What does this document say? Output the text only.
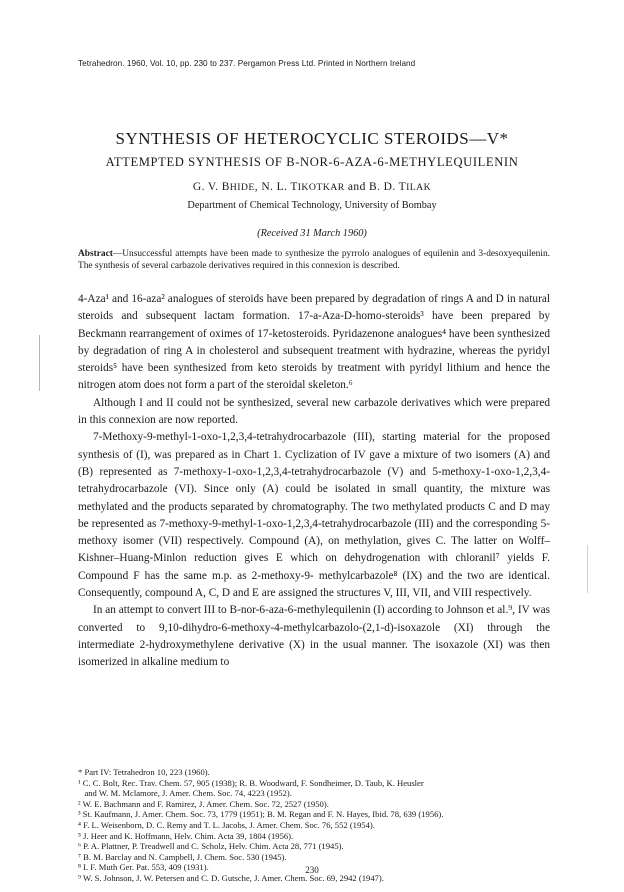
Tetrahedron. 1960, Vol. 10, pp. 230 to 237. Pergamon Press Ltd. Printed in Northern Ireland
SYNTHESIS OF HETEROCYCLIC STEROIDS—V*
ATTEMPTED SYNTHESIS OF B-NOR-6-AZA-6-METHYLEQUILENIN
G. V. BHIDE, N. L. TIKOTKAR and B. D. TILAK
Department of Chemical Technology, University of Bombay
(Received 31 March 1960)
Abstract—Unsuccessful attempts have been made to synthesize the pyrrolo analogues of equilenin and 3-desoxyequilenin. The synthesis of several carbazole derivatives required in this connexion is described.

4-Aza¹ and 16-aza² analogues of steroids have been prepared by degradation of rings A and D in natural steroids and subsequent lactam formation. 17-a-Aza-D-homo-steroids³ have been prepared by Beckmann rearrangement of oximes of 17-ketosteroids. Pyridazenone analogues⁴ have been synthesized by degradation of ring A in cholesterol and subsequent treatment with hydrazine, whereas the pyridyl steroids⁵ have been synthesized from keto steroids by treatment with pyridyl lithium and hence the nitrogen atom does not form a part of the steroidal skeleton.⁶

Although I and II could not be synthesized, several new carbazole derivatives which were prepared in this connexion are now reported.

7-Methoxy-9-methyl-1-oxo-1,2,3,4-tetrahydrocarbazole (III), starting material for the proposed synthesis of (I), was prepared as in Chart 1. Cyclization of IV gave a mixture of two isomers (A) and (B) represented as 7-methoxy-1-oxo-1,2,3,4-tetrahydrocarbazole (V) and 5-methoxy-1-oxo-1,2,3,4-tetrahydrocarbazole (VI). Since only (A) could be isolated in small quantity, the mixture was methylated and the products separated by chromatography. The two methylated products C and D may be represented as 7-methoxy-9-methyl-1-oxo-1,2,3,4-tetrahydrocarbazole (III) and the corresponding 5-methoxy isomer (VII) respectively. Compound (A), on methylation, gives C. The latter on Wolff–Kishner–Huang-Minlon reduction gives E which on dehydrogenation with chloranil⁷ yields F. Compound F has the same m.p. as 2-methoxy-9- methylcarbazole⁸ (IX) and the two are identical. Consequently, compound A, C, D and E are assigned the structures V, III, VII, and VIII respectively.

In an attempt to convert III to B-nor-6-aza-6-methylequilenin (I) according to Johnson et al.⁹, IV was converted to 9,10-dihydro-6-methoxy-4-methylcarbazolo-(2,1-d)-isoxazole (XI) through the intermediate 2-hydroxymethylene derivative (X) in the usual manner. The isoxazole (XI) was then isomerized in alkaline medium to

* Part IV: Tetrahedron 10, 223 (1960).
¹ C. C. Bolt, Rec. Trav. Chem. 57, 905 (1938); R. B. Woodward, F. Sondheimer, D. Taub, K. Heusler
and W. M. Mclamore, J. Amer. Chem. Soc. 74, 4223 (1952).
² W. E. Bachmann and F. Ramirez, J. Amer. Chem. Soc. 72, 2527 (1950).
³ St. Kaufmann, J. Amer. Chem. Soc. 73, 1779 (1951); B. M. Regan and F. N. Hayes, Ibid. 78, 639 (1956).
⁴ F. L. Weisenborn, D. C. Remy and T. L. Jacobs, J. Amer. Chem. Soc. 76, 552 (1954).
⁵ J. Heer and K. Hoffmann, Helv. Chim. Acta 39, 1804 (1956).
⁶ P. A. Plattner, P. Treadwell and C. Scholz, Helv. Chim. Acta 28, 771 (1945).
⁷ B. M. Barclay and N. Campbell, J. Chem. Soc. 530 (1945).
⁸ I. F. Muth Ger. Pat. 553, 409 (1931).
⁹ W. S. Johnson, J. W. Petersen and C. D. Gutsche, J. Amer. Chem. Soc. 69, 2942 (1947).
230
